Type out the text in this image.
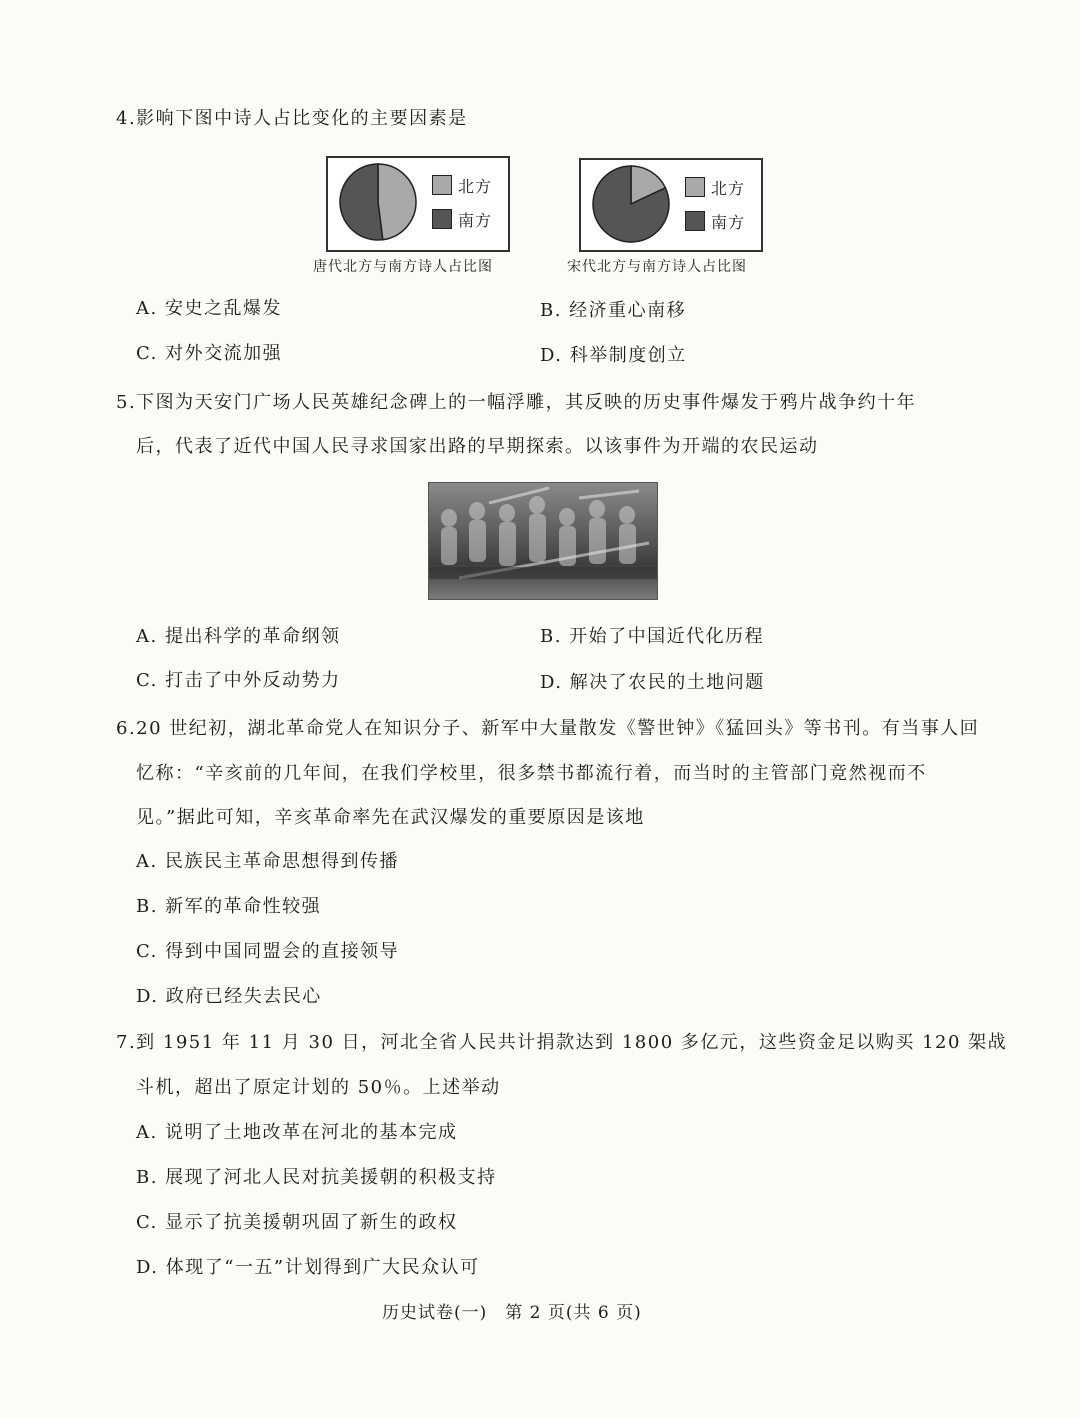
4.影响下图中诗人占比变化的主要因素是
北方
南方
唐代北方与南方诗人占比图
北方
南方
宋代北方与南方诗人占比图
A. 安史之乱爆发	B. 经济重心南移
C. 对外交流加强	D. 科举制度创立
5.下图为天安门广场人民英雄纪念碑上的一幅浮雕，其反映的历史事件爆发于鸦片战争约十年
后，代表了近代中国人民寻求国家出路的早期探索。以该事件为开端的农民运动
A. 提出科学的革命纲领	B. 开始了中国近代化历程
C. 打击了中外反动势力	D. 解决了农民的土地问题
6.20 世纪初，湖北革命党人在知识分子、新军中大量散发《警世钟》《猛回头》等书刊。有当事人回
忆称：“辛亥前的几年间，在我们学校里，很多禁书都流行着，而当时的主管部门竟然视而不
见。”据此可知，辛亥革命率先在武汉爆发的重要原因是该地
A. 民族民主革命思想得到传播
B. 新军的革命性较强
C. 得到中国同盟会的直接领导
D. 政府已经失去民心
7.到 1951 年 11 月 30 日，河北全省人民共计捐款达到 1800 多亿元，这些资金足以购买 120 架战
斗机，超出了原定计划的 50％。上述举动
A. 说明了土地改革在河北的基本完成
B. 展现了河北人民对抗美援朝的积极支持
C. 显示了抗美援朝巩固了新生的政权
D. 体现了“一五”计划得到广大民众认可
历史试卷(一)　第 2 页(共 6 页)
